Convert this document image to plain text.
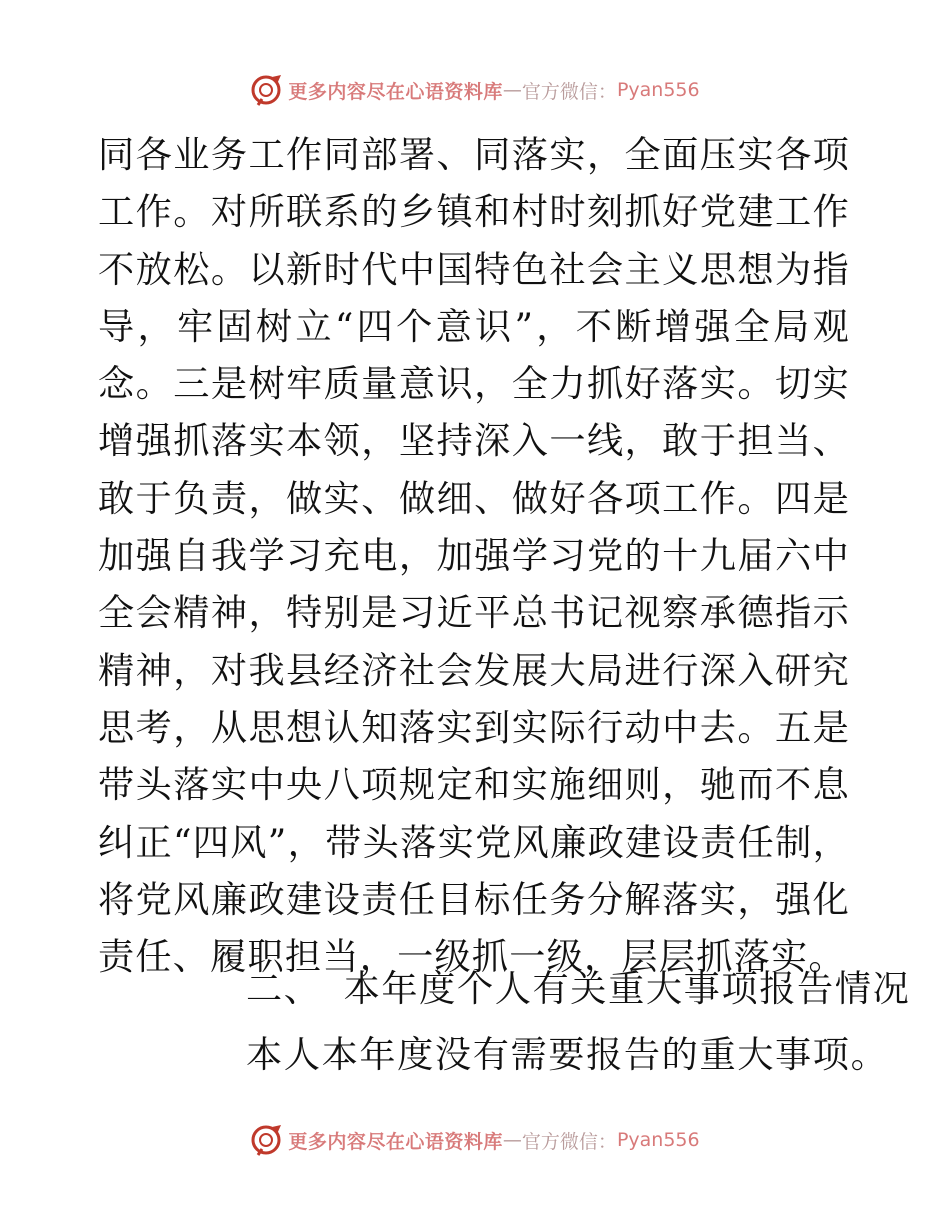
更多内容尽在心语资料库 — 官方微信： Pyan556

同各业务工作同部署、同落实，全面压实各项工作。对所联系的乡镇和村时刻抓好党建工作不放松。以新时代中国特色社会主义思想为指导，牢固树立“四个意识”，不断增强全局观念。三是树牢质量意识，全力抓好落实。切实增强抓落实本领，坚持深入一线，敢于担当、敢于负责，做实、做细、做好各项工作。四是加强自我学习充电，加强学习党的十九届六中全会精神，特别是习近平总书记视察承德指示精神，对我县经济社会发展大局进行深入研究思考，从思想认知落实到实际行动中去。五是带头落实中央八项规定和实施细则，驰而不息纠正“四风”，带头落实党风廉政建设责任制，将党风廉政建设责任目标任务分解落实，强化责任、履职担当，一级抓一级，层层抓落实。

二、 本年度个人有关重大事项报告情况

本人本年度没有需要报告的重大事项。

更多内容尽在心语资料库 — 官方微信： Pyan556
